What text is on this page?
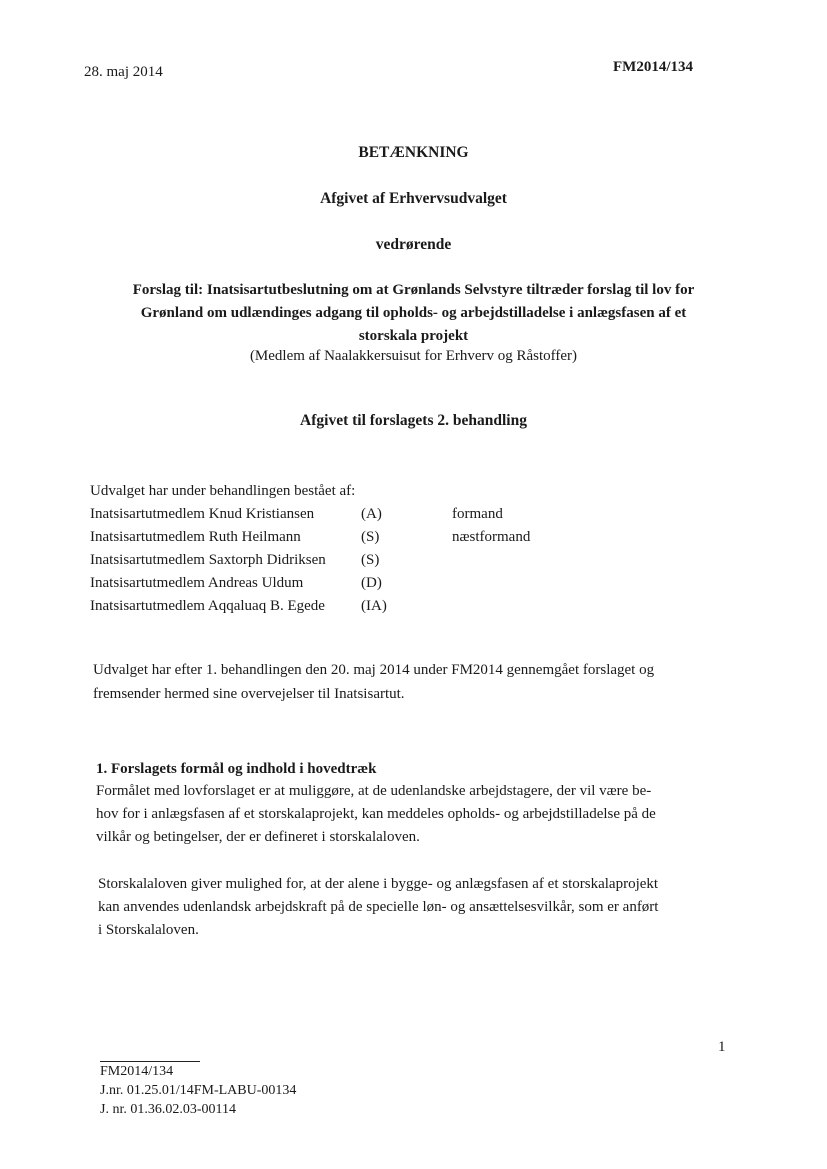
28. maj 2014	FM2014/134
BETÆNKNING
Afgivet af Erhvervsudvalget
vedrørende
Forslag til: Inatsisartutbeslutning om at Grønlands Selvstyre tiltræder forslag til lov for
Grønland om udlændinges adgang til opholds- og arbejdstilladelse i anlægsfasen af et
storskala projekt
(Medlem af Naalakkersuisut for Erhverv og Råstoffer)
Afgivet til forslagets 2. behandling
Udvalget har under behandlingen bestået af:
Inatsisartutmedlem Knud Kristiansen	(A)	formand
Inatsisartutmedlem Ruth Heilmann	(S)	næstformand
Inatsisartutmedlem Saxtorph Didriksen (S)
Inatsisartutmedlem Andreas Uldum	(D)
Inatsisartutmedlem Aqqaluaq B. Egede (IA)
Udvalget har efter 1. behandlingen den 20. maj 2014 under FM2014 gennemgået forslaget og
fremsender hermed sine overvejelser til Inatsisartut.
1. Forslagets formål og indhold i hovedtræk
Formålet med lovforslaget er at muliggøre, at de udenlandske arbejdstagere, der vil være be-
hov for i anlægsfasen af et storskalaprojekt, kan meddeles opholds- og arbejdstilladelse på de
vilkår og betingelser, der er defineret i storskalaloven.
Storskalaloven giver mulighed for, at der alene i bygge- og anlægsfasen af et storskalaprojekt
kan anvendes udenlandsk arbejdskraft på de specielle løn- og ansættelsesvilkår, som er anført
i Storskalaloven.
1
FM2014/134
J.nr. 01.25.01/14FM-LABU-00134
J. nr. 01.36.02.03-00114
